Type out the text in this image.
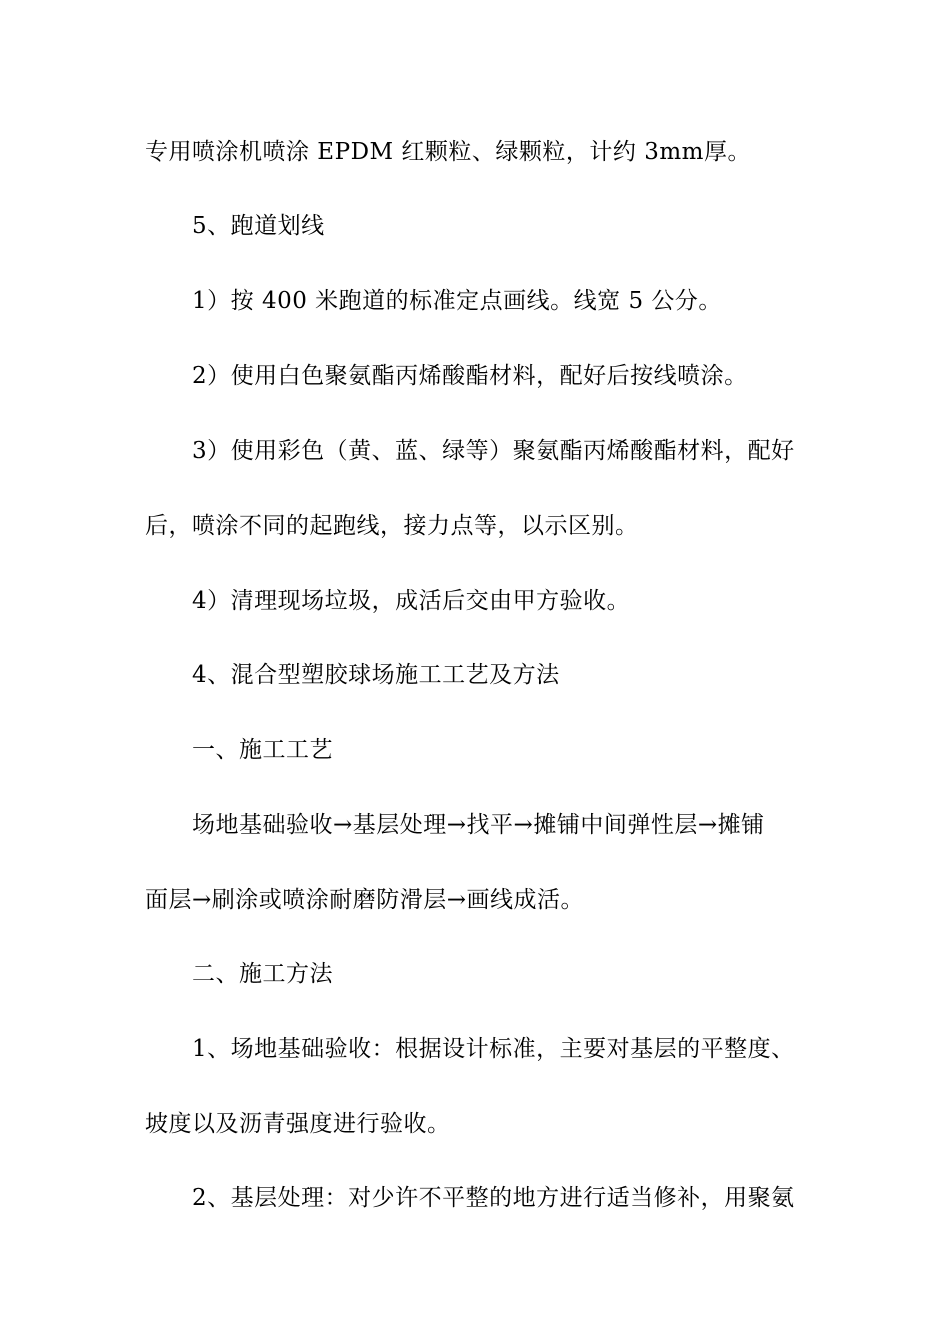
专用喷涂机喷涂 EPDM 红颗粒、绿颗粒，计约 3mm厚。
5、跑道划线
1）按 400 米跑道的标准定点画线。线宽 5 公分。
2）使用白色聚氨酯丙烯酸酯材料，配好后按线喷涂。
3）使用彩色（黄、蓝、绿等）聚氨酯丙烯酸酯材料，配好
后，喷涂不同的起跑线，接力点等，以示区别。
4）清理现场垃圾，成活后交由甲方验收。
4、混合型塑胶球场施工工艺及方法
一、施工工艺
场地基础验收→基层处理→找平→摊铺中间弹性层→摊铺
面层→刷涂或喷涂耐磨防滑层→画线成活。
二、施工方法
1、场地基础验收：根据设计标准，主要对基层的平整度、
坡度以及沥青强度进行验收。
2、基层处理：对少许不平整的地方进行适当修补，用聚氨
